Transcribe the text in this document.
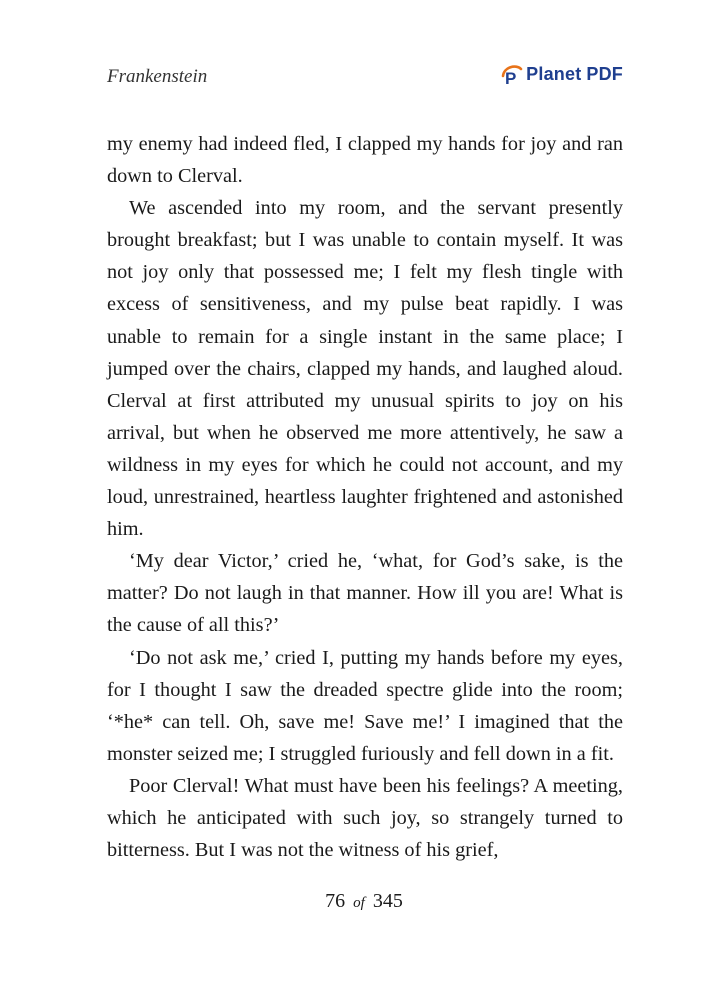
Frankenstein	P Planet PDF

my enemy had indeed fled, I clapped my hands for joy and ran down to Clerval.

We ascended into my room, and the servant presently brought breakfast; but I was unable to contain myself. It was not joy only that possessed me; I felt my flesh tingle with excess of sensitiveness, and my pulse beat rapidly. I was unable to remain for a single instant in the same place; I jumped over the chairs, clapped my hands, and laughed aloud. Clerval at first attributed my unusual spirits to joy on his arrival, but when he observed me more attentively, he saw a wildness in my eyes for which he could not account, and my loud, unrestrained, heartless laughter frightened and astonished him.

‘My dear Victor,’ cried he, ‘what, for God’s sake, is the matter? Do not laugh in that manner. How ill you are! What is the cause of all this?’

‘Do not ask me,’ cried I, putting my hands before my eyes, for I thought I saw the dreaded spectre glide into the room; ‘*he* can tell. Oh, save me! Save me!’ I imagined that the monster seized me; I struggled furiously and fell down in a fit.

Poor Clerval! What must have been his feelings? A meeting, which he anticipated with such joy, so strangely turned to bitterness. But I was not the witness of his grief,

76 of 345
